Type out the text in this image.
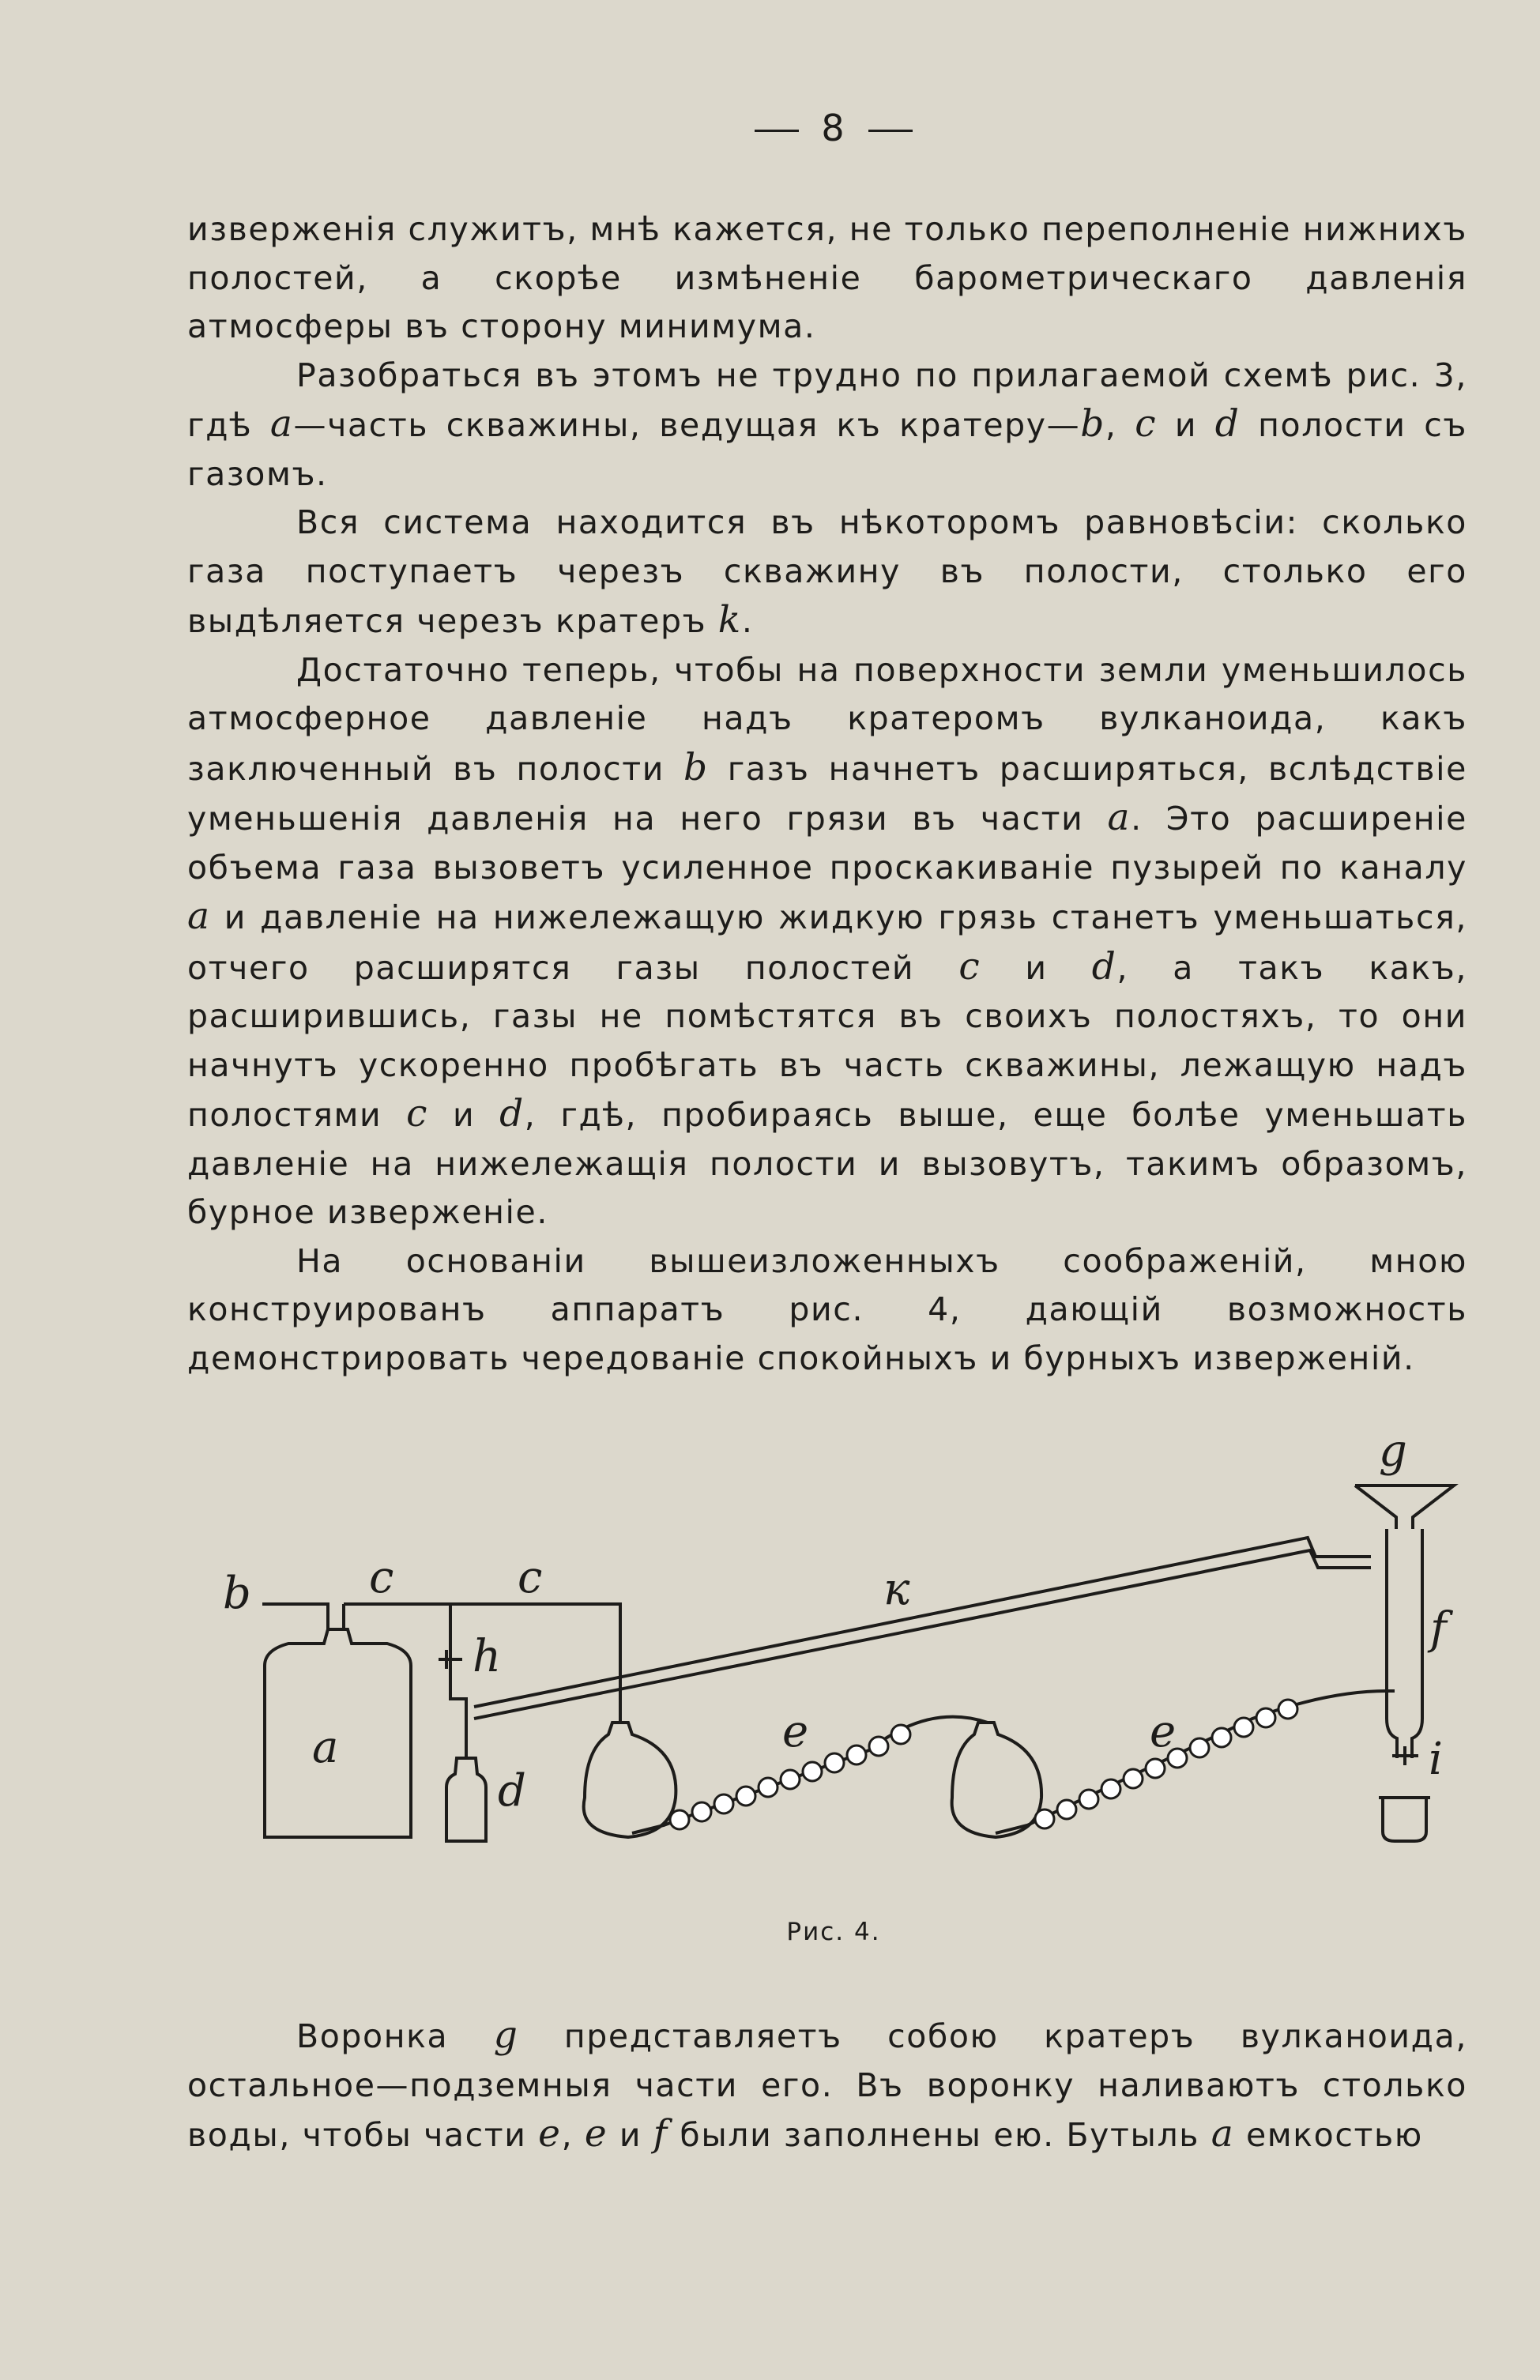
8

изверженія служитъ, мнѣ кажется, не только переполненіе нижнихъ полостей, а скорѣе измѣненіе барометрическаго давленія атмосферы въ сторону минимума.

Разобраться въ этомъ не трудно по прилагаемой схемѣ рис. 3, гдѣ a—часть скважины, ведущая къ кратеру—b, c и d полости съ газомъ.

Вся система находится въ нѣкоторомъ равновѣсіи: сколько газа поступаетъ черезъ скважину въ полости, столько его выдѣляется черезъ кратеръ k.

Достаточно теперь, чтобы на поверхности земли уменьшилось атмосферное давленіе надъ кратеромъ вулканоида, какъ заключенный въ полости b газъ начнетъ расширяться, вслѣдствіе уменьшенія давленія на него грязи въ части a. Это расширеніе объема газа вызоветъ усиленное проскакиваніе пузырей по каналу a и давленіе на нижележащую жидкую грязь станетъ уменьшаться, отчего расширятся газы полостей c и d, а такъ какъ, расширившись, газы не помѣстятся въ своихъ полостяхъ, то они начнутъ ускоренно пробѣгать въ часть скважины, лежащую надъ полостями c и d, гдѣ, пробираясь выше, еще болѣе уменьшать давленіе на нижележащія полости и вызовутъ, такимъ образомъ, бурное изверженіе.

На основаніи вышеизложенныхъ соображеній, мною конструированъ аппаратъ рис. 4, дающій возможность демонстрировать чередованіе спокойныхъ и бурныхъ изверженій.

b	c	c	к
g
h
a
d
e	e
f
i
Рис. 4.

Воронка g представляетъ собою кратеръ вулканоида, остальное—подземныя части его. Въ воронку наливаютъ столько воды, чтобы части e, e и f были заполнены ею. Бутыль a емкостью
